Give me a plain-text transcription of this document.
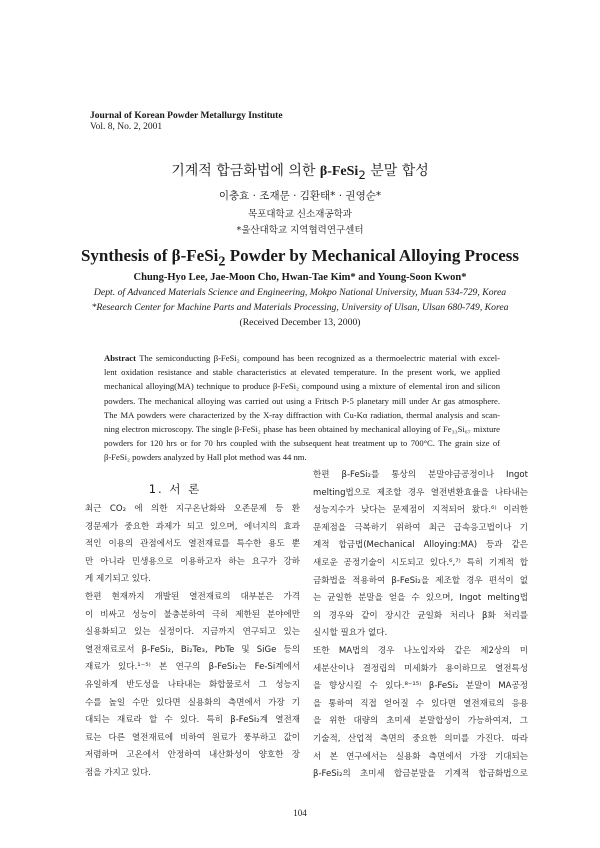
Journal of Korean Powder Metallurgy Institute
Vol. 8, No. 2, 2001
기계적 합금화법에 의한 β-FeSi$_2$ 분말 합성
이충효 · 조재문 · 김환태* · 권영순*
목포대학교 신소재공학과
*울산대학교 지역협력연구센터
Synthesis of β-FeSi$_2$ Powder by Mechanical Alloying Process
Chung-Hyo Lee, Jae-Moon Cho, Hwan-Tae Kim* and Young-Soon Kwon*
Dept. of Advanced Materials Science and Engineering, Mokpo National University, Muan 534-729, Korea
*Research Center for Machine Parts and Materials Processing, University of Ulsan, Ulsan 680-749, Korea
(Received December 13, 2000)
Abstract The semiconducting β-FeSi₂ compound has been recognized as a thermoelectric material with excel-
lent oxidation resistance and stable characteristics at elevated temperature. In the present work, we applied
mechanical alloying(MA) technique to produce β-FeSi₂ compound using a mixture of elemental iron and silicon
powders. The mechanical alloying was carried out using a Fritsch P-5 planetary mill under Ar gas atmosphere.
The MA powders were characterized by the X-ray diffraction with Cu-Kα radiation, thermal analysis and scan-
ning electron microscopy. The single β-FeSi₂ phase has been obtained by mechanical alloying of Fe₃₃Si₆₇ mixture
powders for 120 hrs or for 70 hrs coupled with the subsequent heat treatment up to 700°C. The grain size of
β-FeSi₂ powders analyzed by Hall plot method was 44 nm.
1. 서 론
최근 CO₂ 에 의한 지구온난화와 오존문제 등 환
경문제가 중요한 과제가 되고 있으며, 에너지의 효과
적인 이용의 관점에서도 열전재료를 특수한 용도 뿐
만 아니라 민생용으로 이용하고자 하는 요구가 강하
게 제기되고 있다.
한편 현재까지 개발된 열전재료의 대부분은 가격
이 비싸고 성능이 불충분하여 극히 제한된 분야에만
실용화되고 있는 실정이다. 지금까지 연구되고 있는
열전재료로서 β-FeSi₂, Bi₂Te₃, PbTe 및 SiGe 등의
재료가 있다.¹⁻⁵⁾ 본 연구의 β-FeSi₂는 Fe-Si계에서
유일하게 반도성을 나타내는 화합물로서 그 성능지
수를 높일 수만 있다면 실용화의 측면에서 가장 기
대되는 재료라 할 수 있다. 특히 β-FeSi₂계 열전재
료는 다른 열전재료에 비하여 원료가 풍부하고 값이
저렴하며 고온에서 안정하여 내산화성이 양호한 장
점을 가지고 있다.
한편 β-FeSi₂를 통상의 분말야금공정이나 Ingot
melting법으로 제조할 경우 열전변환효율을 나타내는
성능지수가 낮다는 문제점이 지적되어 왔다.⁶⁾ 이러한
문제점을 극복하기 위하여 최근 급속응고법이나 기
계적 합금법(Mechanical Alloying:MA) 등과 같은
새로운 공정기술이 시도되고 있다.⁶,⁷⁾ 특히 기계적 합
금화법을 적용하여 β-FeSi₂을 제조할 경우 편석이 없
는 균일한 분말을 얻을 수 있으며, Ingot melting법
의 경우와 같이 장시간 균일화 처리나 β화 처리를
실시할 필요가 없다.
또한 MA법의 경우 나노입자와 같은 제2상의 미
세분산이나 결정립의 미세화가 용이하므로 열전특성
을 향상시킬 수 있다.⁸⁻¹⁵⁾ β-FeSi₂ 분말이 MA공정
을 통하여 직접 얻어질 수 있다면 열전재료의 응용
을 위한 대량의 초미세 분말합성이 가능하여져, 그
기술적, 산업적 측면의 중요한 의미를 가진다. 따라
서 본 연구에서는 실용화 측면에서 가장 기대되는
β-FeSi₂의 초미세 합금분말을 기계적 합금화법으로
104
